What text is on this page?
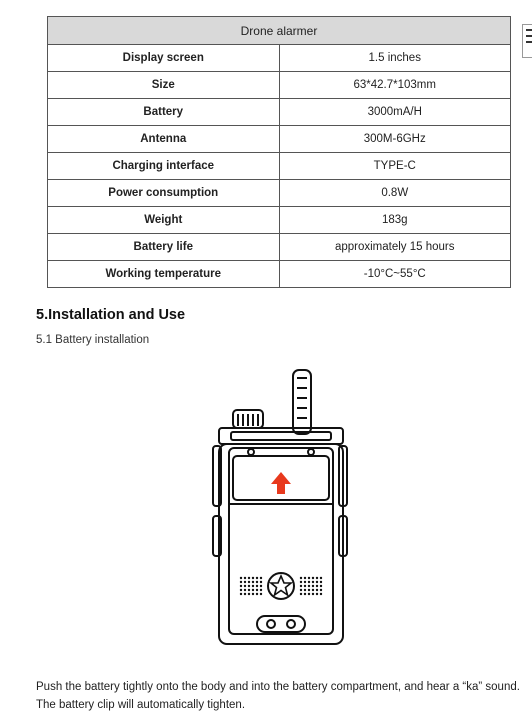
Drone alarmer	
Display screen	1.5 inches
Size	63*42.7*103mm
Battery	3000mA/H
Antenna	300M-6GHz
Charging interface	TYPE-C
Power consumption	0.8W
Weight	183g
Battery life	approximately 15 hours
Working temperature	-10°C~55°C
5.Installation and Use

5.1 Battery installation

Push the battery tightly onto the body and into the battery compartment, and hear a “ka” sound.
The battery clip will automatically tighten.
